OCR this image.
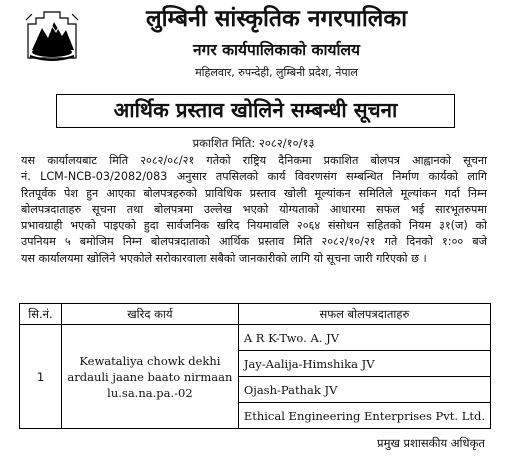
लुम्बिनी सांस्कृतिक नगरपालिका
नगर कार्यपालिकाको कार्यालय
महिलवार, रुपन्देही, लुम्बिनी प्रदेश, नेपाल
आर्थिक प्रस्ताव खोलिने सम्बन्धी सूचना
प्रकाशित मिति: २०८२/१०/१३
यस कार्यालयबाट मिति २०८२/०८/२१ गतेको राष्ट्रिय दैनिकमा प्रकाशित बोलपत्र आह्वानको सूचना
नं. LCM-NCB-03/2082/083 अनुसार तपसिलको कार्य विवरणसंग सम्बन्धित निर्माण कार्यको लागि
रितपूर्वक पेश हुन आएका बोलपत्रहरुको प्राविधिक प्रस्ताव खोली मूल्यांकन समितिले मूल्यांकन गर्दा निम्न
बोलपत्रदाताहरु सूचना तथा बोलपत्रमा उल्लेख भएको योग्यताको आधारमा सफल भई सारभूतरुपमा
प्रभावग्राही भएको पाइएको हुदा सार्वजनिक खरिद नियमावलि २०६४ संसोधन सहितको नियम ३१(ज) को
उपनियम ५ बमोजिम निम्न बोलपत्रदाताको आर्थिक प्रस्ताव मिति २०८२/१०/२१ गते दिनको १:०० बजे
यस कार्यालयमा खोलिने भएकोले सरोकारवाला सबैको जानकारीको लागि यो सूचना जारी गरिएको छ ।
सि.नं.	खरिद कार्य	सफल बोलपत्रदाताहरु
1	Kewataliya chowk dekhi ardauli jaane baato nirmaan lu.sa.na.pa.-02	A R K-Two. A. JV
		Jay-Aalija-Himshika JV
		Ojash-Pathak JV
		Ethical Engineering Enterprises Pvt. Ltd.
प्रमुख प्रशासकीय अधिकृत
